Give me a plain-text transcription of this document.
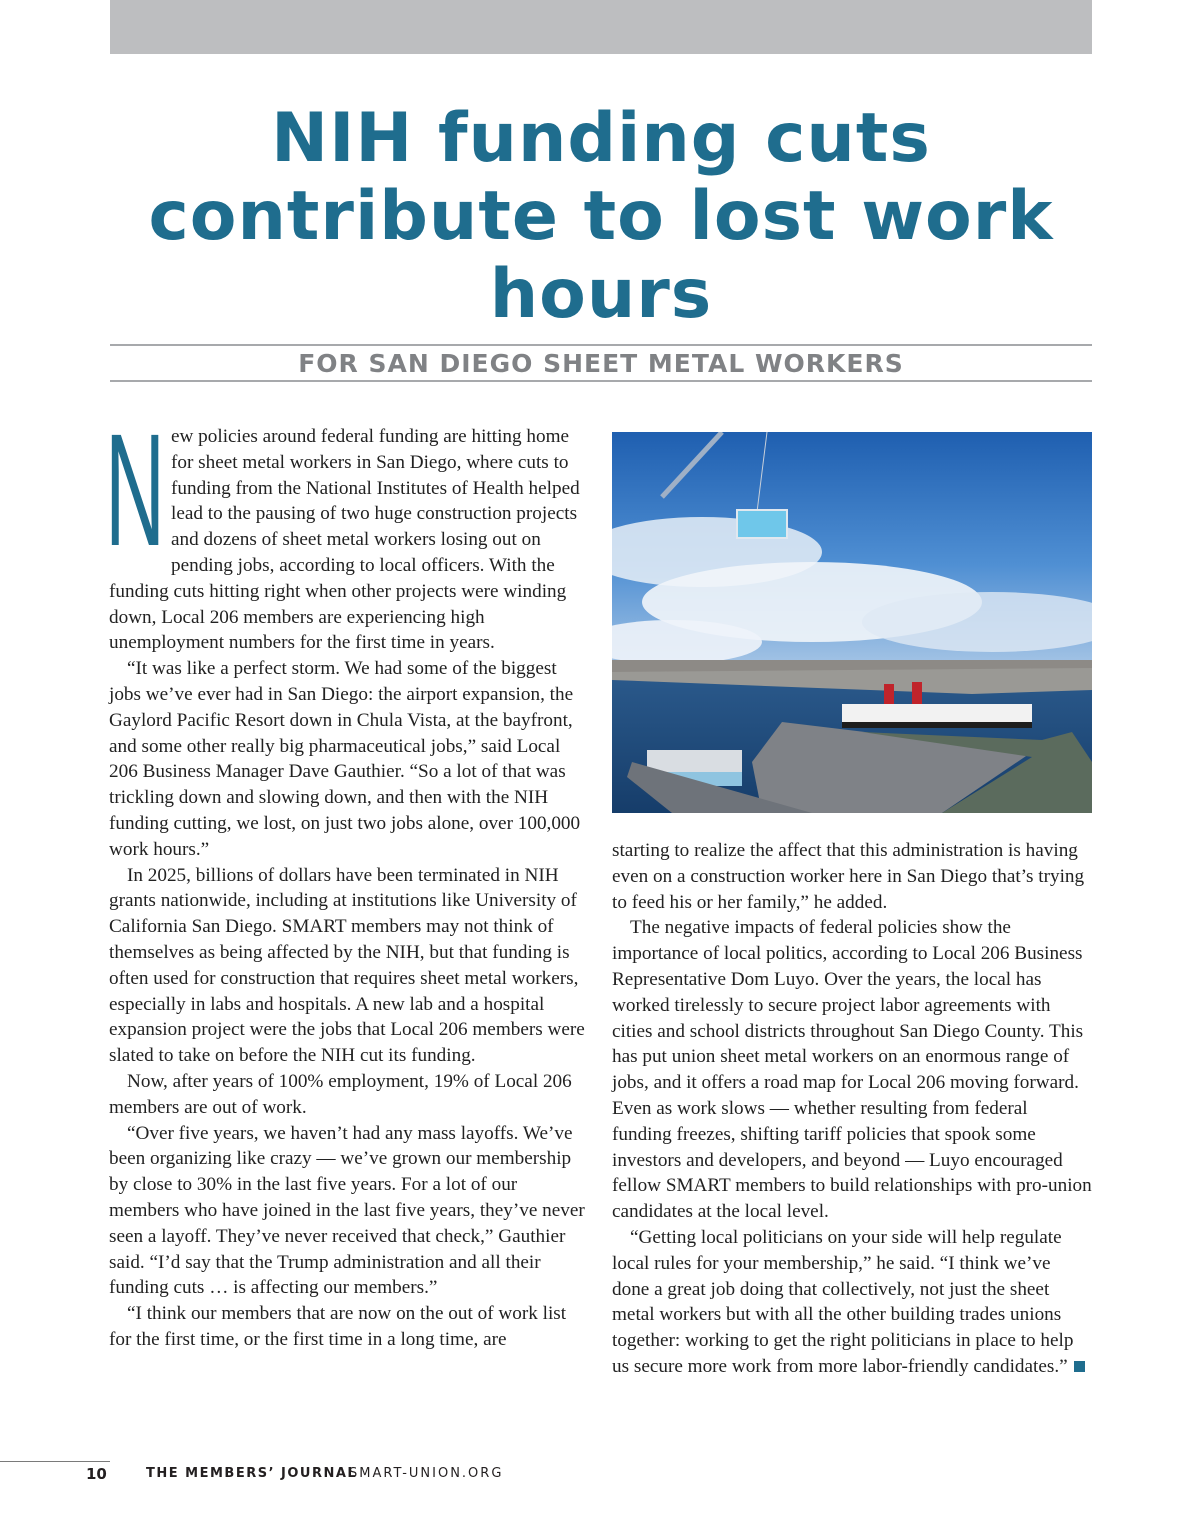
NIH funding cuts contribute to lost work hours
FOR SAN DIEGO SHEET METAL WORKERS

New policies around federal funding are hitting home for sheet metal workers in San Diego, where cuts to funding from the National Institutes of Health helped lead to the pausing of two huge construction projects and dozens of sheet metal workers losing out on pending jobs, according to local officers. With the funding cuts hitting right when other projects were winding down, Local 206 members are experiencing high unemployment numbers for the first time in years.

“It was like a perfect storm. We had some of the biggest jobs we’ve ever had in San Diego: the airport expansion, the Gaylord Pacific Resort down in Chula Vista, at the bayfront, and some other really big pharmaceutical jobs,” said Local 206 Business Manager Dave Gauthier. “So a lot of that was trickling down and slowing down, and then with the NIH funding cutting, we lost, on just two jobs alone, over 100,000 work hours.”

In 2025, billions of dollars have been terminated in NIH grants nationwide, including at institutions like University of California San Diego. SMART members may not think of themselves as being affected by the NIH, but that funding is often used for construction that requires sheet metal workers, especially in labs and hospitals. A new lab and a hospital expansion project were the jobs that Local 206 members were slated to take on before the NIH cut its funding.

Now, after years of 100% employment, 19% of Local 206 members are out of work.

“Over five years, we haven’t had any mass layoffs. We’ve been organizing like crazy — we’ve grown our membership by close to 30% in the last five years. For a lot of our members who have joined in the last five years, they’ve never seen a layoff. They’ve never received that check,” Gauthier said. “I’d say that the Trump administration and all their funding cuts … is affecting our members.”

“I think our members that are now on the out of work list for the first time, or the first time in a long time, are

starting to realize the affect that this administration is having even on a construction worker here in San Diego that’s trying to feed his or her family,” he added.

The negative impacts of federal policies show the importance of local politics, according to Local 206 Business Representative Dom Luyo. Over the years, the local has worked tirelessly to secure project labor agreements with cities and school districts throughout San Diego County. This has put union sheet metal workers on an enormous range of jobs, and it offers a road map for Local 206 moving forward. Even as work slows — whether resulting from federal funding freezes, shifting tariff policies that spook some investors and developers, and beyond — Luyo encouraged fellow SMART members to build relationships with pro-union candidates at the local level.

“Getting local politicians on your side will help regulate local rules for your membership,” he said. “I think we’ve done a great job doing that collectively, not just the sheet metal workers but with all the other building trades unions together: working to get the right politicians in place to help us secure more work from more labor-friendly candidates.”

10	THE MEMBERS’ JOURNAL
SMART-UNION.ORG
